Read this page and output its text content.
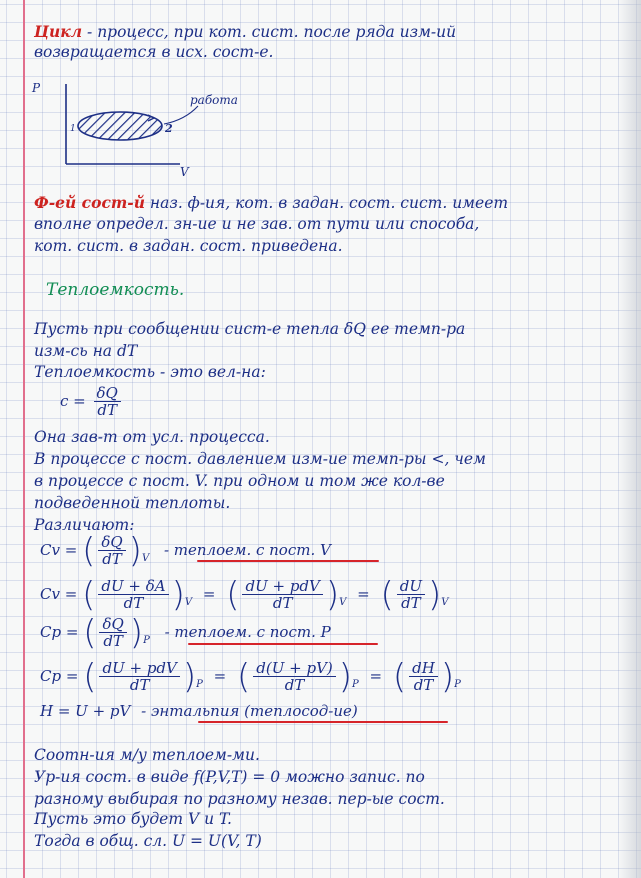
Цикл - процесс, при кот. сист. после ряда изм-ий
возвращается в исх. сост-е.
P
V
1	2
работа
Ф-ей сост-й наз. ф-ия, кот. в задан. сост. сист. имеет
вполне определ. зн-ие и не зав. от пути или способа,
кот. сист. в задан. сост. приведена.
Теплоемкость.
Пусть при сообщении сист-е тепла δQ ее темп-ра
изм-сь на dT
Теплоемкость - это вел-на:
$c = \frac{\delta Q}{dT}$
Она зав-т от усл. процесса.
В процессе с пост. давлением изм-ие темп-ры <, чем
в процессе с пост. V. при одном и том же кол-ве
подведенной теплоты.
Различают:
Cv = ( $\frac{\delta Q}{dT} )_V$ - теплоем. с пост. V
Cv = ( $\frac{dU + \delta A}{dT} )_V$ = ( $\frac{\text{dU + pdV}}{dT} )_V$ = ( $\frac{dU}{dT} )_V$
Cp = ( $\frac{\delta Q}{dT} )_P$ - теплоем. с пост. P
Cp = ( $\frac{\text{dU + pdV}}{dT} )_P$ = ( $\frac{d(U + pV)}{dT} )_P$ = ( $\frac{dH}{dT} )_P$
H = U + pV - энтальпия (теплосод-ие)
Соотн-ия м/у теплоем-ми.
Ур-ия сост. в виде f(P,V,T) = 0 можно запис. по
разному выбирая по разному незав. пер-ые сост.
Пусть это будет V и T.
Тогда в общ. сл. U = U(V, T)
